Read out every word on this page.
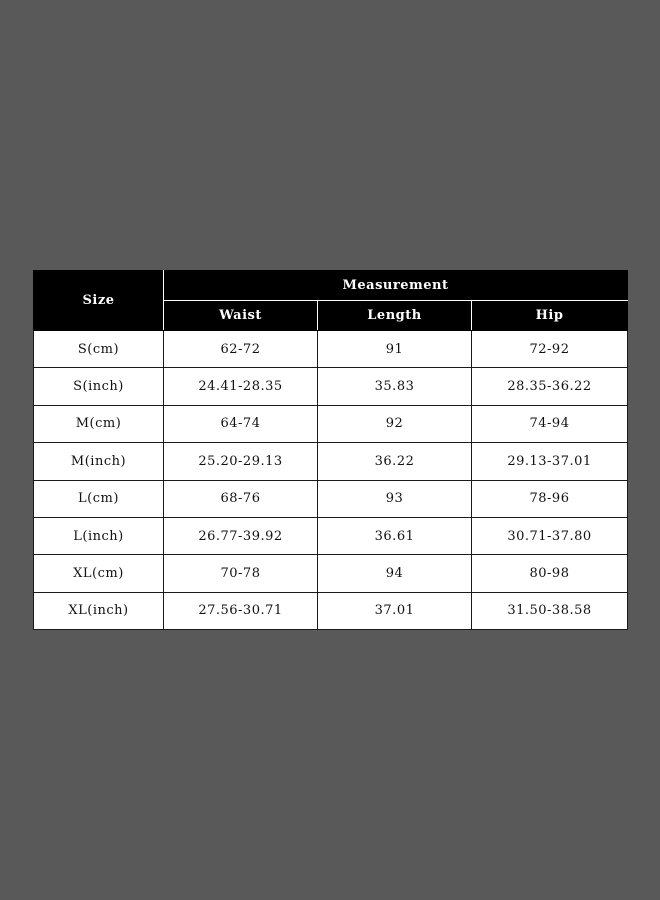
Size	Measurement		
	Waist	Length	Hip
S(cm)	62-72	91	72-92
S(inch)	24.41-28.35	35.83	28.35-36.22
M(cm)	64-74	92	74-94
M(inch)	25.20-29.13	36.22	29.13-37.01
L(cm)	68-76	93	78-96
L(inch)	26.77-39.92	36.61	30.71-37.80
XL(cm)	70-78	94	80-98
XL(inch)	27.56-30.71	37.01	31.50-38.58
